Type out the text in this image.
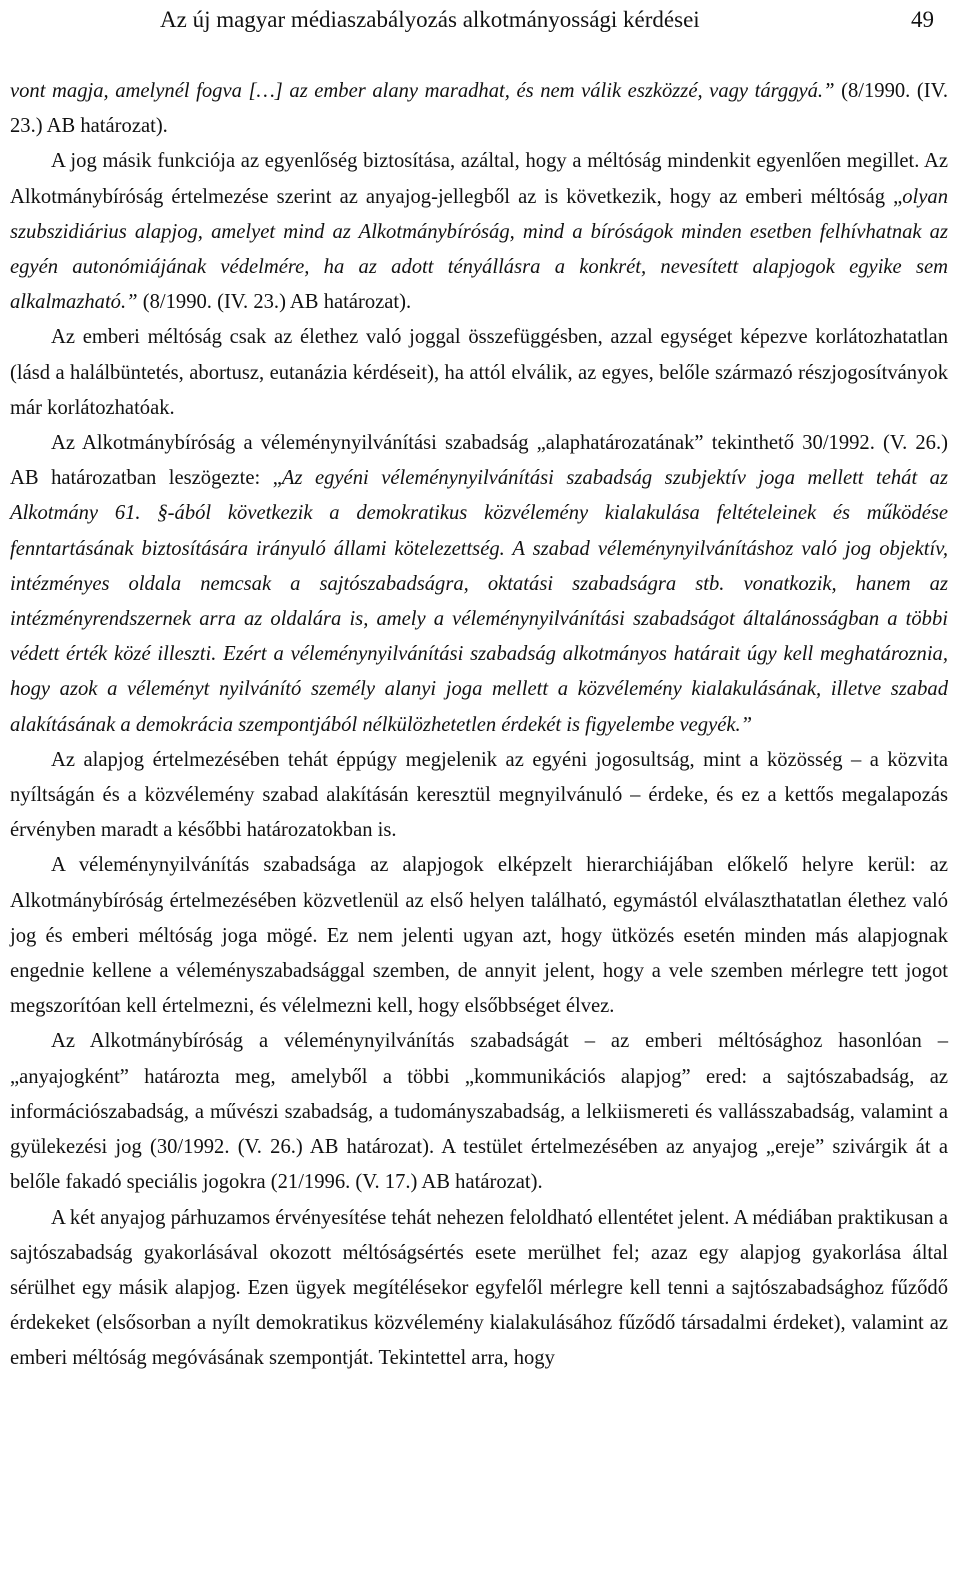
Az új magyar médiaszabályozás alkotmányossági kérdései	49

vont magja, amelynél fogva […] az ember alany maradhat, és nem válik eszközzé, vagy tárggyá.” (8/1990. (IV. 23.) AB határozat).

A jog másik funkciója az egyenlőség biztosítása, azáltal, hogy a méltóság mindenkit egyenlően megillet. Az Alkotmánybíróság értelmezése szerint az anyajog-jellegből az is következik, hogy az emberi méltóság „olyan szubszidiárius alapjog, amelyet mind az Alkotmánybíróság, mind a bíróságok minden esetben felhívhatnak az egyén autonómiájának védelmére, ha az adott tényállásra a konkrét, nevesített alapjogok egyike sem alkalmazható.” (8/1990. (IV. 23.) AB határozat).

Az emberi méltóság csak az élethez való joggal összefüggésben, azzal egységet képezve korlátozhatatlan (lásd a halálbüntetés, abortusz, eutanázia kérdéseit), ha attól elválik, az egyes, belőle származó részjogosítványok már korlátozhatóak.

Az Alkotmánybíróság a véleménynyilvánítási szabadság „alaphatározatának” tekinthető 30/1992. (V. 26.) AB határozatban leszögezte: „Az egyéni véleménynyilvánítási szabadság szubjektív joga mellett tehát az Alkotmány 61. §-ából következik a demokratikus közvélemény kialakulása feltételeinek és működése fenntartásának biztosítására irányuló állami kötelezettség. A szabad véleménynyilvánításhoz való jog objektív, intézményes oldala nemcsak a sajtószabadságra, oktatási szabadságra stb. vonatkozik, hanem az intézményrendszernek arra az oldalára is, amely a véleménynyilvánítási szabadságot általánosságban a többi védett érték közé illeszti. Ezért a véleménynyilvánítási szabadság alkotmányos határait úgy kell meghatároznia, hogy azok a véleményt nyilvánító személy alanyi joga mellett a közvélemény kialakulásának, illetve szabad alakításának a demokrácia szempontjából nélkülözhetetlen érdekét is figyelembe vegyék.”

Az alapjog értelmezésében tehát éppúgy megjelenik az egyéni jogosultság, mint a közösség – a közvita nyíltságán és a közvélemény szabad alakításán keresztül megnyilvánuló – érdeke, és ez a kettős megalapozás érvényben maradt a későbbi határozatokban is.

A véleménynyilvánítás szabadsága az alapjogok elképzelt hierarchiájában előkelő helyre kerül: az Alkotmánybíróság értelmezésében közvetlenül az első helyen található, egymástól elválaszthatatlan élethez való jog és emberi méltóság joga mögé. Ez nem jelenti ugyan azt, hogy ütközés esetén minden más alapjognak engednie kellene a véleményszabadsággal szemben, de annyit jelent, hogy a vele szemben mérlegre tett jogot megszorítóan kell értelmezni, és vélelmezni kell, hogy elsőbbséget élvez.

Az Alkotmánybíróság a véleménynyilvánítás szabadságát – az emberi méltósághoz hasonlóan – „anyajogként” határozta meg, amelyből a többi „kommunikációs alapjog” ered: a sajtószabadság, az információszabadság, a művészi szabadság, a tudományszabadság, a lelkiismereti és vallásszabadság, valamint a gyülekezési jog (30/1992. (V. 26.) AB határozat). A testület értelmezésében az anyajog „ereje” szivárgik át a belőle fakadó speciális jogokra (21/1996. (V. 17.) AB határozat).

A két anyajog párhuzamos érvényesítése tehát nehezen feloldható ellentétet jelent. A médiában praktikusan a sajtószabadság gyakorlásával okozott méltóságsértés esete merülhet fel; azaz egy alapjog gyakorlása által sérülhet egy másik alapjog. Ezen ügyek megítélésekor egyfelől mérlegre kell tenni a sajtószabadsághoz fűződő érdekeket (elsősorban a nyílt demokratikus közvélemény kialakulásához fűződő társadalmi érdeket), valamint az emberi méltóság megóvásának szempontját. Tekintettel arra, hogy
